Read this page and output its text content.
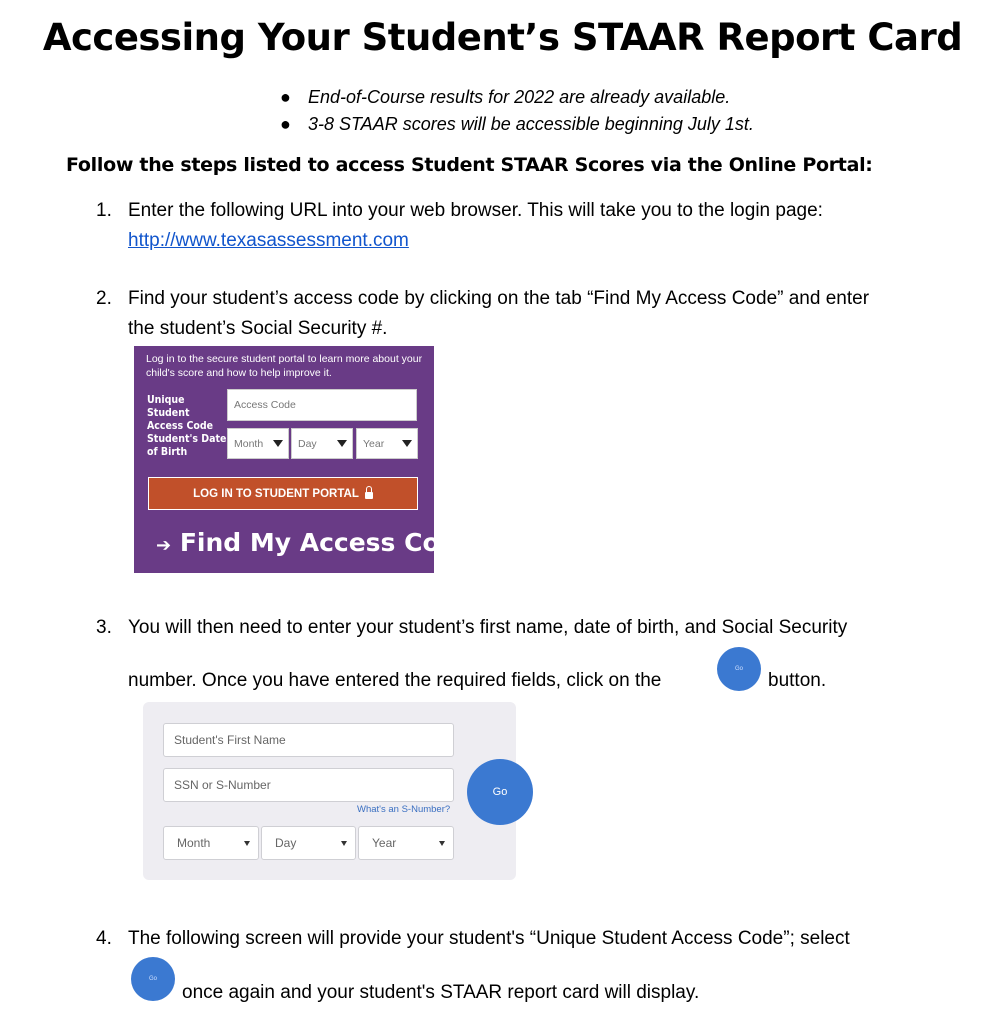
Accessing Your Student’s STAAR Report Card
● End-of-Course results for 2022 are already available.
● 3-8 STAAR scores will be accessible beginning July 1st.
Follow the steps listed to access Student STAAR Scores via the Online Portal:
1. Enter the following URL into your web browser. This will take you to the login page:
http://www.texasassessment.com
2. Find your student’s access code by clicking on the tab “Find My Access Code” and enter
the student’s Social Security #.
Log in to the secure student portal to learn more about your child's score and how to help improve it.
Unique Student Access Code
Access Code
Student's Date of Birth
Month	Day	Year
LOG IN TO STUDENT PORTAL
➔ Find My Access Code
3. You will then need to enter your student’s first name, date of birth, and Social Security
number. Once you have entered the required fields, click on the
Go
button.
Student's First Name
SSN or S-Number
What's an S-Number?
Month	Day	Year
Go
4. The following screen will provide your student's “Unique Student Access Code”; select
Go
once again and your student's STAAR report card will display.
